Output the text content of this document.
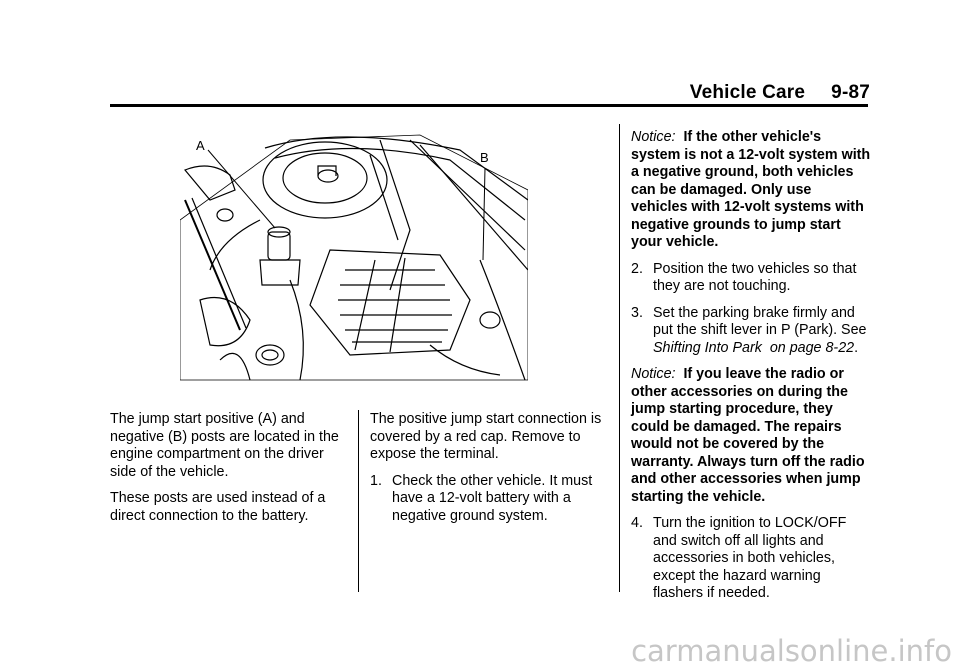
Vehicle Care 9-87
A
B

The jump start positive (A) and negative (B) posts are located in the engine compartment on the driver side of the vehicle.

These posts are used instead of a direct connection to the battery.

The positive jump start connection is covered by a red cap. Remove to expose the terminal.

1. Check the other vehicle. It must have a 12-volt battery with a negative ground system.

Notice: If the other vehicle's system is not a 12-volt system with a negative ground, both vehicles can be damaged. Only use vehicles with 12-volt systems with negative grounds to jump start your vehicle.

2. Position the two vehicles so that they are not touching.
3. Set the parking brake firmly and put the shift lever in P (Park). See Shifting Into Park on page 8-22.

Notice: If you leave the radio or other accessories on during the jump starting procedure, they could be damaged. The repairs would not be covered by the warranty. Always turn off the radio and other accessories when jump starting the vehicle.

4. Turn the ignition to LOCK/OFF and switch off all lights and accessories in both vehicles, except the hazard warning flashers if needed.
carmanualsonline.info
